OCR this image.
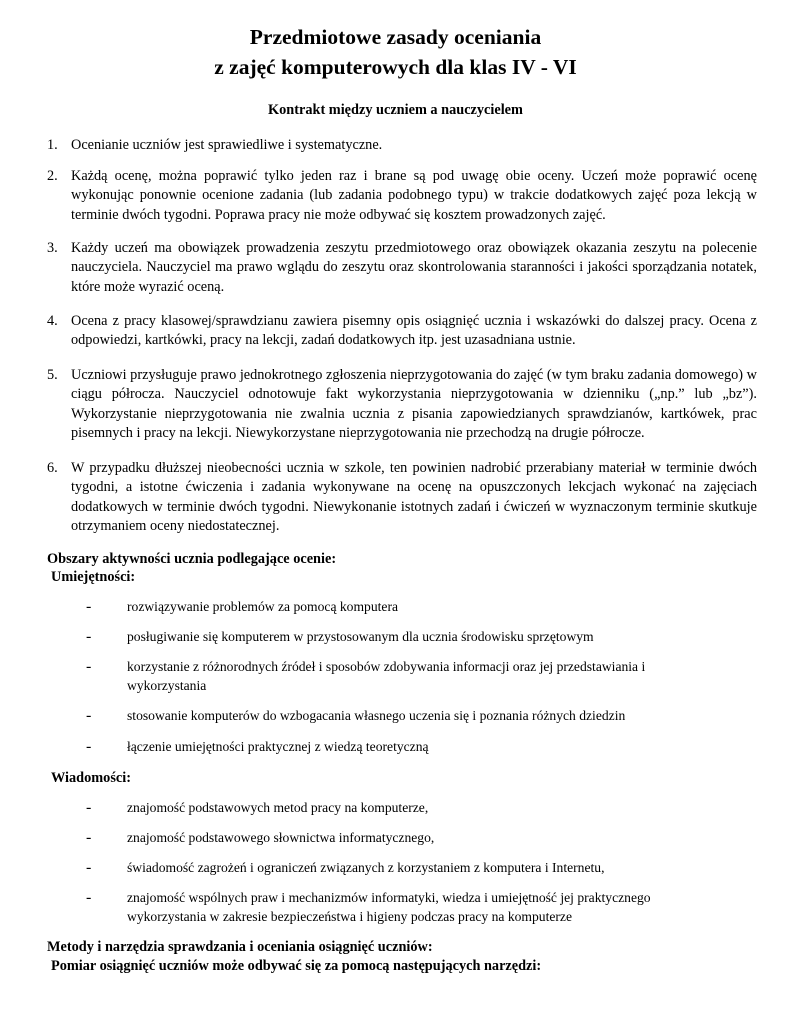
Przedmiotowe zasady oceniania
z zajęć komputerowych dla klas IV - VI
Kontrakt między uczniem a nauczycielem
1. Ocenianie uczniów jest sprawiedliwe i systematyczne.
2. Każdą ocenę, można poprawić tylko jeden raz i brane są pod uwagę obie oceny. Uczeń może poprawić ocenę wykonując ponownie ocenione zadania (lub zadania podobnego typu) w trakcie dodatkowych zajęć poza lekcją w terminie dwóch tygodni. Poprawa pracy nie może odbywać się kosztem prowadzonych zajęć.
3. Każdy uczeń ma obowiązek prowadzenia zeszytu przedmiotowego oraz obowiązek okazania zeszytu na polecenie nauczyciela. Nauczyciel ma prawo wglądu do zeszytu oraz skontrolowania staranności i jakości sporządzania notatek, które może wyrazić oceną.
4. Ocena z pracy klasowej/sprawdzianu zawiera pisemny opis osiągnięć ucznia i wskazówki do dalszej pracy. Ocena z odpowiedzi, kartkówki, pracy na lekcji, zadań dodatkowych itp. jest uzasadniana ustnie.
5. Uczniowi przysługuje prawo jednokrotnego zgłoszenia nieprzygotowania do zajęć (w tym braku zadania domowego) w ciągu półrocza. Nauczyciel odnotowuje fakt wykorzystania nieprzygotowania w dzienniku („np.” lub „bz”). Wykorzystanie nieprzygotowania nie zwalnia ucznia z pisania zapowiedzianych sprawdzianów, kartkówek, prac pisemnych i pracy na lekcji. Niewykorzystane nieprzygotowania nie przechodzą na drugie półrocze.
6. W przypadku dłuższej nieobecności ucznia w szkole, ten powinien nadrobić przerabiany materiał w terminie dwóch tygodni, a istotne ćwiczenia i zadania wykonywane na ocenę na opuszczonych lekcjach wykonać na zajęciach dodatkowych w terminie dwóch tygodni. Niewykonanie istotnych zadań i ćwiczeń w wyznaczonym terminie skutkuje otrzymaniem oceny niedostatecznej.
Obszary aktywności ucznia podlegające ocenie:
Umiejętności:
-	rozwiązywanie problemów za pomocą komputera
-	posługiwanie się komputerem w przystosowanym dla ucznia środowisku sprzętowym
-	korzystanie z różnorodnych źródeł i sposobów zdobywania informacji oraz jej przedstawiania i wykorzystania
-	stosowanie komputerów do wzbogacania własnego uczenia się i poznania różnych dziedzin
-	łączenie umiejętności praktycznej z wiedzą teoretyczną
Wiadomości:
-	znajomość podstawowych metod pracy na komputerze,
-	znajomość podstawowego słownictwa informatycznego,
-	świadomość zagrożeń i ograniczeń związanych z korzystaniem z komputera i Internetu,
-	znajomość wspólnych praw i mechanizmów informatyki, wiedza i umiejętność jej praktycznego wykorzystania w zakresie bezpieczeństwa i higieny podczas pracy na komputerze
Metody i narzędzia sprawdzania i oceniania osiągnięć uczniów:
Pomiar osiągnięć uczniów może odbywać się za pomocą następujących narzędzi:
